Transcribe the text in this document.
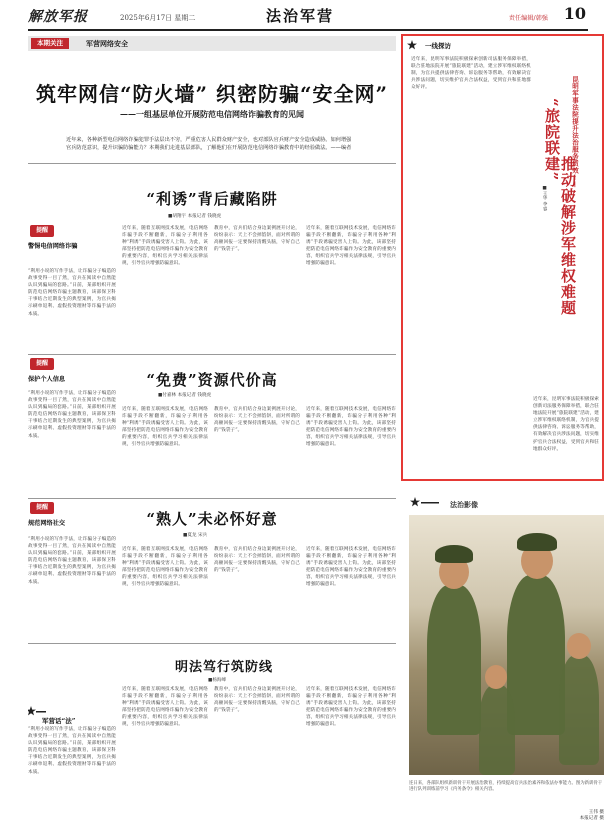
解放军报	2025年6月17日 星期二	法治军营	责任编辑/韩强 10
本期关注	军营网络安全
筑牢网信“防火墙” 织密防骗“安全网”
——一组基层单位开展防范电信网络诈骗教育的见闻
近年来，各种新型电信网络诈骗犯罪手法层出不穷，严重危害人民群众财产安全，也对部队官兵财产安全造成威胁。如何增强
官兵防范意识，提升识骗防骗能力？本期我们走进基层部队，了解他们在开展防范电信网络诈骗教育中的经验做法。——编者
“利诱”背后藏陷阱
■胡翔宇 本报记者 钱晓虎
提醒
警惕电信网络诈骗
“利用小说的写作手法，让诈骗分子编造的故事变得一目了然，官兵在阅读中自然能认识到骗局的套路。”日前，某部组织开展防范电信网络诈骗主题教育，该部保卫科干事结合近期发生的典型案例，为官兵揭示刷单返利、虚假投资理财等诈骗手法的本质。
近年来，随着互联网技术发展，电信网络诈骗手段不断翻新，诈骗分子利用各种“利诱”手段诱骗受害人上钩。为此，该部坚持把防范电信网络诈骗作为安全教育的重要内容，组织官兵学习相关法律法规，引导官兵增强防骗意识。
教育中，官兵们结合身边案例展开讨论，纷纷表示：天上不会掉馅饼，面对所谓的高额回报一定要保持清醒头脑，守好自己的“钱袋子”。
近年来，随着互联网技术发展，电信网络诈骗手段不断翻新，诈骗分子利用各种“利诱”手段诱骗受害人上钩。为此，该部坚持把防范电信网络诈骗作为安全教育的重要内容，组织官兵学习相关法律法规，引导官兵增强防骗意识。
“免费”资源代价高
■付嘉林 本报记者 钱晓虎
提醒
保护个人信息
“利用小说的写作手法，让诈骗分子编造的故事变得一目了然，官兵在阅读中自然能认识到骗局的套路。”日前，某部组织开展防范电信网络诈骗主题教育，该部保卫科干事结合近期发生的典型案例，为官兵揭示刷单返利、虚假投资理财等诈骗手法的本质。
近年来，随着互联网技术发展，电信网络诈骗手段不断翻新，诈骗分子利用各种“利诱”手段诱骗受害人上钩。为此，该部坚持把防范电信网络诈骗作为安全教育的重要内容，组织官兵学习相关法律法规，引导官兵增强防骗意识。
教育中，官兵们结合身边案例展开讨论，纷纷表示：天上不会掉馅饼，面对所谓的高额回报一定要保持清醒头脑，守好自己的“钱袋子”。
近年来，随着互联网技术发展，电信网络诈骗手段不断翻新，诈骗分子利用各种“利诱”手段诱骗受害人上钩。为此，该部坚持把防范电信网络诈骗作为安全教育的重要内容，组织官兵学习相关法律法规，引导官兵增强防骗意识。
“熟人”未必怀好意
■夏龙 宋兵
提醒
规范网络社交
“利用小说的写作手法，让诈骗分子编造的故事变得一目了然，官兵在阅读中自然能认识到骗局的套路。”日前，某部组织开展防范电信网络诈骗主题教育，该部保卫科干事结合近期发生的典型案例，为官兵揭示刷单返利、虚假投资理财等诈骗手法的本质。
近年来，随着互联网技术发展，电信网络诈骗手段不断翻新，诈骗分子利用各种“利诱”手段诱骗受害人上钩。为此，该部坚持把防范电信网络诈骗作为安全教育的重要内容，组织官兵学习相关法律法规，引导官兵增强防骗意识。
教育中，官兵们结合身边案例展开讨论，纷纷表示：天上不会掉馅饼，面对所谓的高额回报一定要保持清醒头脑，守好自己的“钱袋子”。
近年来，随着互联网技术发展，电信网络诈骗手段不断翻新，诈骗分子利用各种“利诱”手段诱骗受害人上钩。为此，该部坚持把防范电信网络诈骗作为安全教育的重要内容，组织官兵学习相关法律法规，引导官兵增强防骗意识。
明法笃行筑防线
■杨海峰
军营话“法”
“利用小说的写作手法，让诈骗分子编造的故事变得一目了然，官兵在阅读中自然能认识到骗局的套路。”日前，某部组织开展防范电信网络诈骗主题教育，该部保卫科干事结合近期发生的典型案例，为官兵揭示刷单返利、虚假投资理财等诈骗手法的本质。
近年来，随着互联网技术发展，电信网络诈骗手段不断翻新，诈骗分子利用各种“利诱”手段诱骗受害人上钩。为此，该部坚持把防范电信网络诈骗作为安全教育的重要内容，组织官兵学习相关法律法规，引导官兵增强防骗意识。
教育中，官兵们结合身边案例展开讨论，纷纷表示：天上不会掉馅饼，面对所谓的高额回报一定要保持清醒头脑，守好自己的“钱袋子”。
近年来，随着互联网技术发展，电信网络诈骗手段不断翻新，诈骗分子利用各种“利诱”手段诱骗受害人上钩。为此，该部坚持把防范电信网络诈骗作为安全教育的重要内容，组织官兵学习相关法律法规，引导官兵增强防骗意识。
一线探访
近年来，昆明军事法院积极探索创新司法服务保障举措，联合驻地法院开展“旅院联建”活动，建立涉军维权联络机制，为官兵提供法律咨询、诉讼服务等帮助，有效解决官兵涉法问题，切实维护官兵合法权益，受到官兵和驻地群众好评。	昆明军事法院提升法治服务质效——
“旅院联建”
推动破解涉军维权难题
■王华 李睿
近年来，昆明军事法院积极探索创新司法服务保障举措，联合驻地法院开展“旅院联建”活动，建立涉军维权联络机制，为官兵提供法律咨询、诉讼服务等帮助，有效解决官兵涉法问题，切实维护官兵合法权益，受到官兵和驻地群众好评。
法治影像
连日来，各部队组织新训骨干开展法治教育，持续提高官兵法治素养和依法办事能力。图为新训骨干进行队列训练前学习《内务条令》相关内容。
王伟 摄
本报记者 摄
